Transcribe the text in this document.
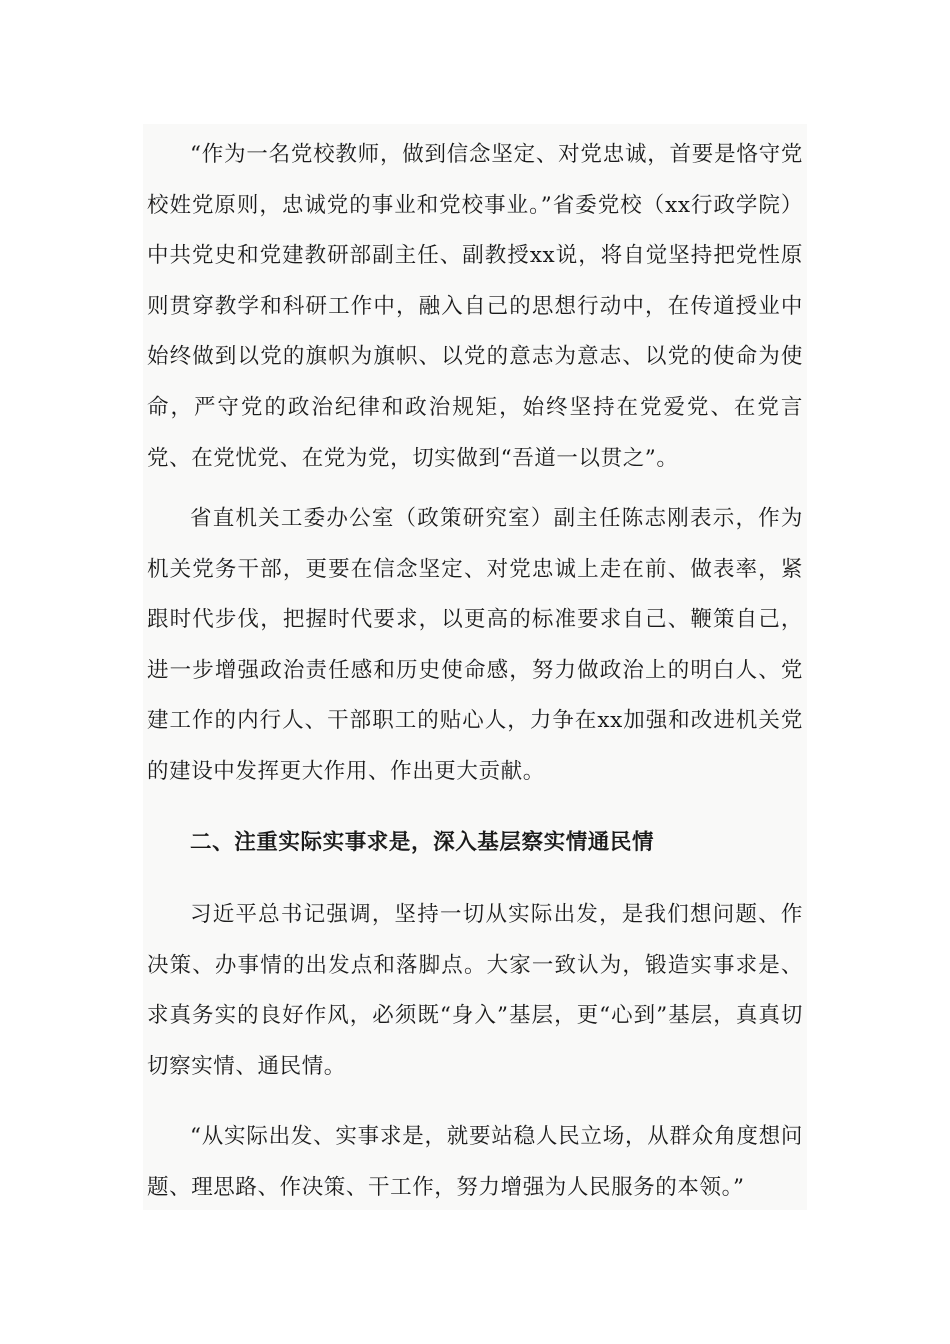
“作为一名党校教师，做到信念坚定、对党忠诚，首要是恪守党校姓党原则，忠诚党的事业和党校事业。”省委党校（xx行政学院）中共党史和党建教研部副主任、副教授xx说，将自觉坚持把党性原则贯穿教学和科研工作中，融入自己的思想行动中，在传道授业中始终做到以党的旗帜为旗帜、以党的意志为意志、以党的使命为使命，严守党的政治纪律和政治规矩，始终坚持在党爱党、在党言党、在党忧党、在党为党，切实做到“吾道一以贯之”。

省直机关工委办公室（政策研究室）副主任陈志刚表示，作为机关党务干部，更要在信念坚定、对党忠诚上走在前、做表率，紧跟时代步伐，把握时代要求，以更高的标准要求自己、鞭策自己，进一步增强政治责任感和历史使命感，努力做政治上的明白人、党建工作的内行人、干部职工的贴心人，力争在xx加强和改进机关党的建设中发挥更大作用、作出更大贡献。

二、注重实际实事求是，深入基层察实情通民情

习近平总书记强调，坚持一切从实际出发，是我们想问题、作决策、办事情的出发点和落脚点。大家一致认为，锻造实事求是、求真务实的良好作风，必须既“身入”基层，更“心到”基层，真真切切察实情、通民情。

“从实际出发、实事求是，就要站稳人民立场，从群众角度想问题、理思路、作决策、干工作，努力增强为人民服务的本领。”
